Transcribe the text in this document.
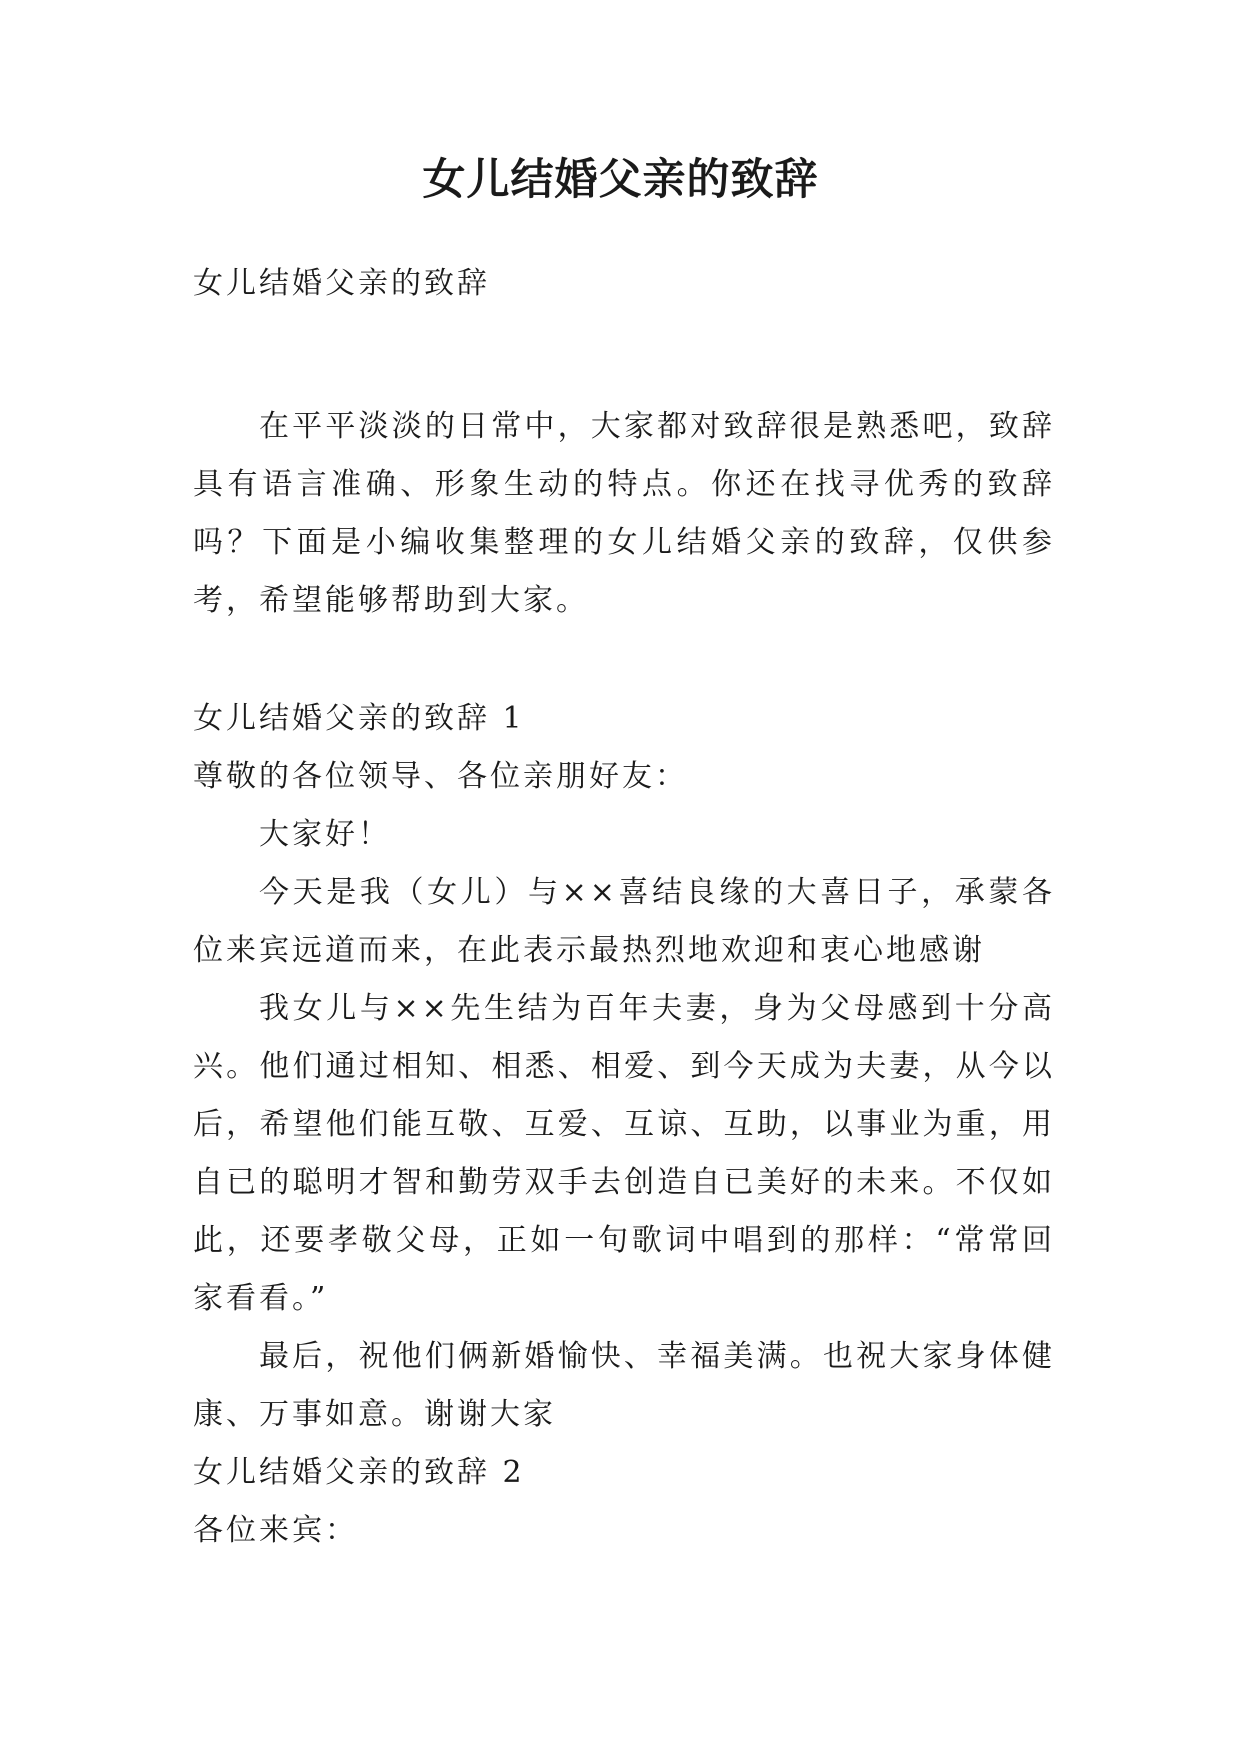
女儿结婚父亲的致辞

女儿结婚父亲的致辞

在平平淡淡的日常中，大家都对致辞很是熟悉吧，致辞具有语言准确、形象生动的特点。你还在找寻优秀的致辞吗？下面是小编收集整理的女儿结婚父亲的致辞，仅供参考，希望能够帮助到大家。

女儿结婚父亲的致辞 1

尊敬的各位领导、各位亲朋好友：

大家好！

今天是我（女儿）与××喜结良缘的大喜日子，承蒙各位来宾远道而来，在此表示最热烈地欢迎和衷心地感谢

我女儿与××先生结为百年夫妻，身为父母感到十分高兴。他们通过相知、相悉、相爱、到今天成为夫妻，从今以后，希望他们能互敬、互爱、互谅、互助，以事业为重，用自已的聪明才智和勤劳双手去创造自已美好的未来。不仅如此，还要孝敬父母，正如一句歌词中唱到的那样：“常常回家看看。”

最后，祝他们俩新婚愉快、幸福美满。也祝大家身体健康、万事如意。谢谢大家

女儿结婚父亲的致辞 2

各位来宾：
